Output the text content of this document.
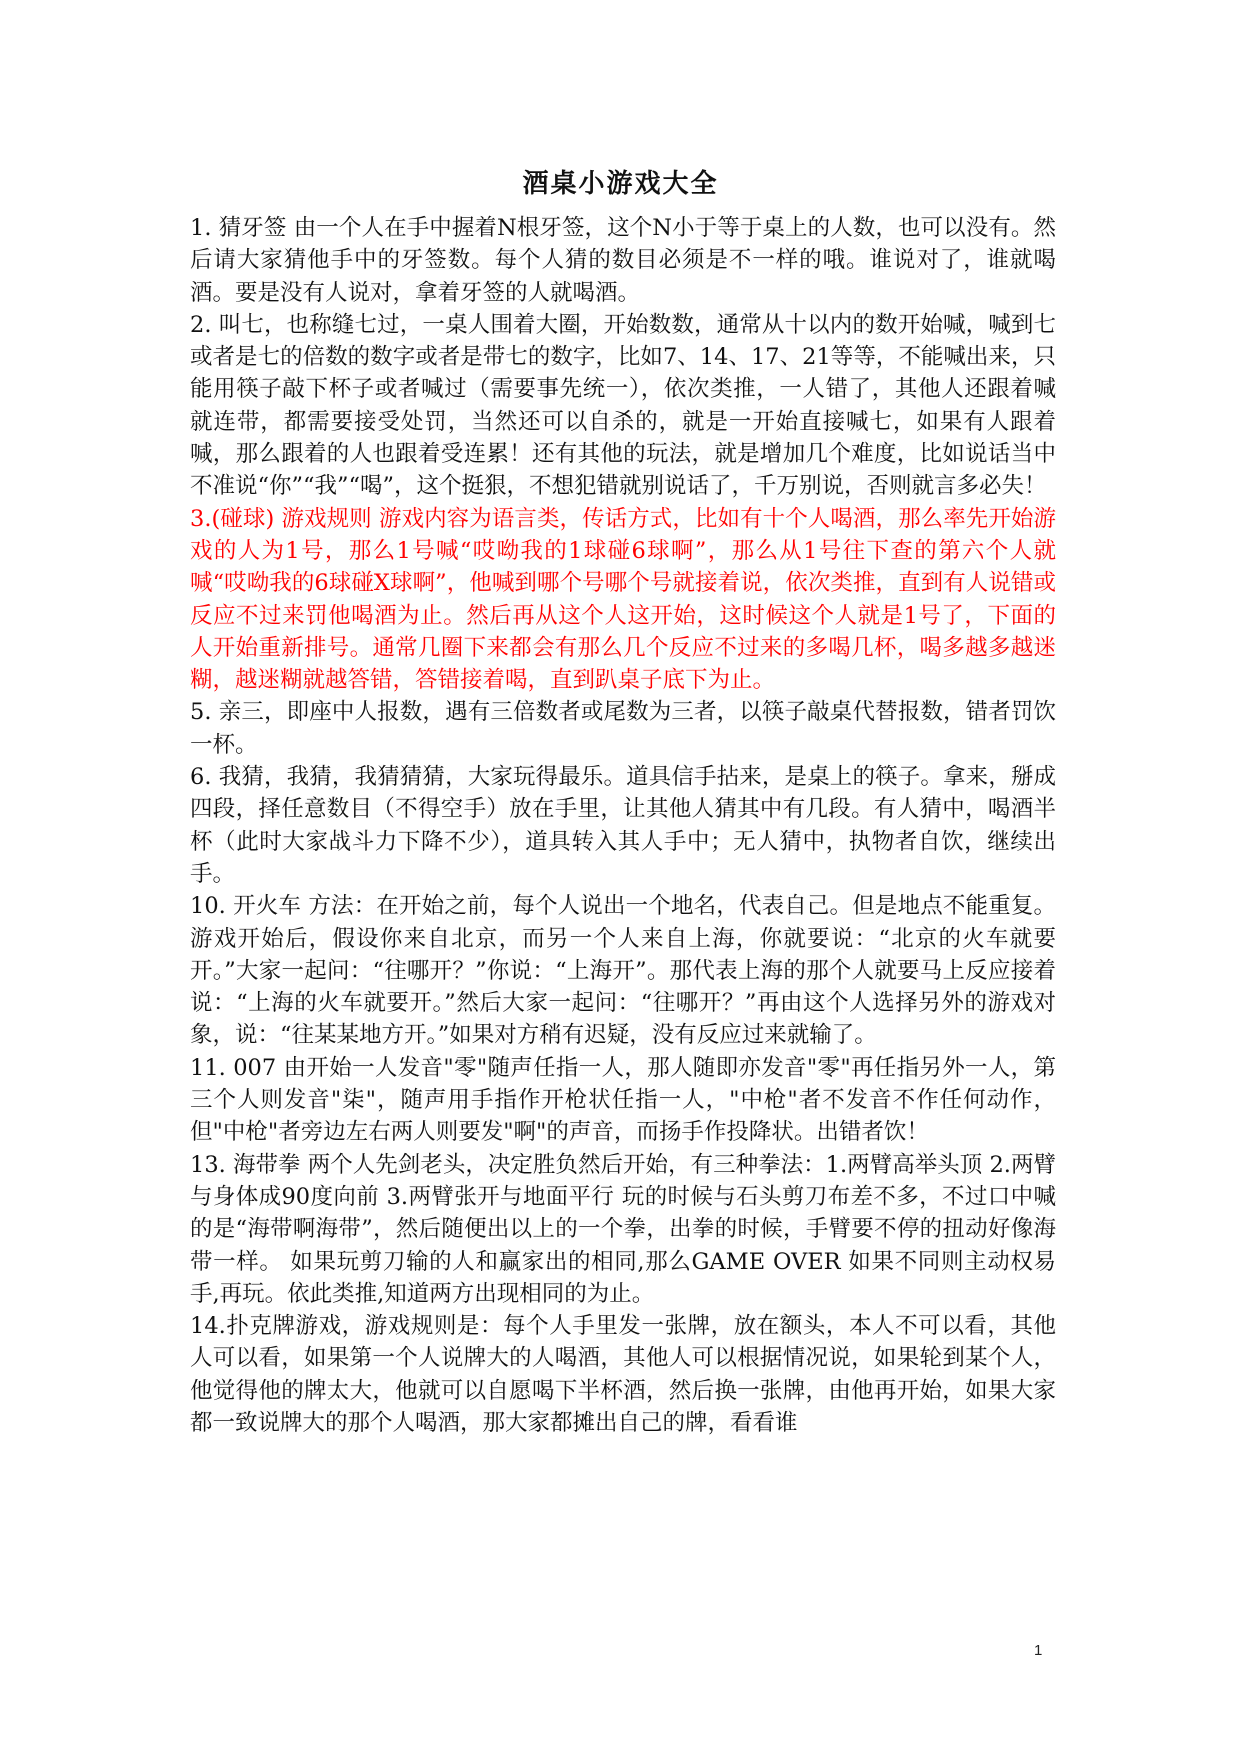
酒桌小游戏大全

1. 猜牙签 由一个人在手中握着N根牙签，这个N小于等于桌上的人数，也可以没有。然后请大家猜他手中的牙签数。每个人猜的数目必须是不一样的哦。谁说对了，谁就喝酒。要是没有人说对，拿着牙签的人就喝酒。

2. 叫七，也称缝七过，一桌人围着大圈，开始数数，通常从十以内的数开始喊，喊到七或者是七的倍数的数字或者是带七的数字，比如7、14、17、21等等，不能喊出来，只能用筷子敲下杯子或者喊过（需要事先统一），依次类推，一人错了，其他人还跟着喊就连带，都需要接受处罚，当然还可以自杀的，就是一开始直接喊七，如果有人跟着喊，那么跟着的人也跟着受连累！还有其他的玩法，就是增加几个难度，比如说话当中不准说“你”“我”“喝”，这个挺狠，不想犯错就别说话了，千万别说，否则就言多必失！

3.(碰球) 游戏规则 游戏内容为语言类，传话方式，比如有十个人喝酒，那么率先开始游戏的人为1号，那么1号喊“哎呦我的1球碰6球啊”，那么从1号往下查的第六个人就喊“哎呦我的6球碰X球啊”，他喊到哪个号哪个号就接着说，依次类推，直到有人说错或反应不过来罚他喝酒为止。然后再从这个人这开始，这时候这个人就是1号了，下面的人开始重新排号。通常几圈下来都会有那么几个反应不过来的多喝几杯，喝多越多越迷糊，越迷糊就越答错，答错接着喝，直到趴桌子底下为止。

5. 亲三，即座中人报数，遇有三倍数者或尾数为三者，以筷子敲桌代替报数，错者罚饮一杯。

6. 我猜，我猜，我猜猜猜，大家玩得最乐。道具信手拈来，是桌上的筷子。拿来，掰成四段，择任意数目（不得空手）放在手里，让其他人猜其中有几段。有人猜中，喝酒半杯（此时大家战斗力下降不少），道具转入其人手中；无人猜中，执物者自饮，继续出手。

10. 开火车 方法：在开始之前，每个人说出一个地名，代表自己。但是地点不能重复。游戏开始后，假设你来自北京，而另一个人来自上海，你就要说：“北京的火车就要开。”大家一起问：“往哪开？”你说：“上海开”。那代表上海的那个人就要马上反应接着说：“上海的火车就要开。”然后大家一起问：“往哪开？”再由这个人选择另外的游戏对象，说：“往某某地方开。”如果对方稍有迟疑，没有反应过来就输了。

11. 007 由开始一人发音"零"随声任指一人，那人随即亦发音"零"再任指另外一人，第三个人则发音"柒"，随声用手指作开枪状任指一人，"中枪"者不发音不作任何动作，但"中枪"者旁边左右两人则要发"啊"的声音，而扬手作投降状。出错者饮！

13. 海带拳 两个人先剑老头，决定胜负然后开始，有三种拳法：1.两臂高举头顶 2.两臂与身体成90度向前 3.两臂张开与地面平行 玩的时候与石头剪刀布差不多，不过口中喊的是“海带啊海带”，然后随便出以上的一个拳，出拳的时候，手臂要不停的扭动好像海带一样。 如果玩剪刀输的人和赢家出的相同,那么GAME OVER 如果不同则主动权易手,再玩。依此类推,知道两方出现相同的为止。

14.扑克牌游戏，游戏规则是：每个人手里发一张牌，放在额头，本人不可以看，其他人可以看，如果第一个人说牌大的人喝酒，其他人可以根据情况说，如果轮到某个人，他觉得他的牌太大，他就可以自愿喝下半杯酒，然后换一张牌，由他再开始，如果大家都一致说牌大的那个人喝酒，那大家都摊出自己的牌，看看谁

1
